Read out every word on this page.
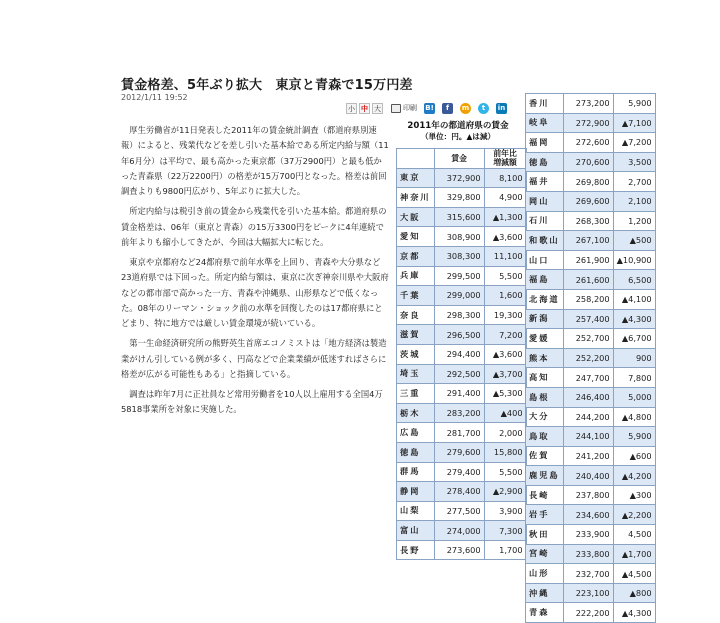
賃金格差、5年ぶり拡大　東京と青森で15万円差
2012/1/11 19:52
小 中 大	印刷 B!	f	m	t	in

厚生労働省が11日発表した2011年の賃金統計調査（都道府県別速報）によると、残業代などを差し引いた基本給である所定内給与額（11年6月分）は平均で、最も高かった東京都（37万2900円）と最も低かった青森県（22万2200円）の格差が15万700円となった。格差は前回調査よりも9800円広がり、5年ぶりに拡大した。

所定内給与は税引き前の賃金から残業代を引いた基本給。都道府県の賃金格差は、06年（東京と青森）の15万3300円をピークに4年連続で前年よりも縮小してきたが、今回は大幅拡大に転じた。

東京や京都府など24都府県で前年水準を上回り、青森や大分県など23道府県では下回った。所定内給与額は、東京に次ぎ神奈川県や大阪府などの都市部で高かった一方、青森や沖縄県、山形県などで低くなった。08年のリーマン・ショック前の水準を回復したのは17都府県にとどまり、特に地方では厳しい賃金環境が続いている。

第一生命経済研究所の熊野英生首席エコノミストは「地方経済は製造業がけん引している例が多く、円高などで企業業績が低迷すればさらに格差が広がる可能性もある」と指摘している。

調査は昨年7月に正社員など常用労働者を10人以上雇用する全国4万5818事業所を対象に実施した。

2011年の都道府県の賃金
（単位：円。▲は減）
	賃金	前年比
増減額
東京	372,900	8,100
神奈川	329,800	4,900
大阪	315,600	▲1,300
愛知	308,900	▲3,600
京都	308,300	11,100
兵庫	299,500	5,500
千葉	299,000	1,600
奈良	298,300	19,300
滋賀	296,500	7,200
茨城	294,400	▲3,600
埼玉	292,500	▲3,700
三重	291,400	▲5,300
栃木	283,200	▲400
広島	281,700	2,000
徳島	279,600	15,800
群馬	279,400	5,500
静岡	278,400	▲2,900
山梨	277,500	3,900
富山	274,000	7,300
長野	273,600	1,700
香川	273,200	5,900
岐阜	272,900	▲7,100
福岡	272,600	▲7,200
徳島	270,600	3,500
福井	269,800	2,700
岡山	269,600	2,100
石川	268,300	1,200
和歌山	267,100	▲500
山口	261,900	▲10,900
福島	261,600	6,500
北海道	258,200	▲4,100
新潟	257,400	▲4,300
愛媛	252,700	▲6,700
熊本	252,200	900
高知	247,700	7,800
島根	246,400	5,000
大分	244,200	▲4,800
鳥取	244,100	5,900
佐賀	241,200	▲600
鹿児島	240,400	▲4,200
長崎	237,800	▲300
岩手	234,600	▲2,200
秋田	233,900	4,500
宮崎	233,800	▲1,700
山形	232,700	▲4,500
沖縄	223,100	▲800
青森	222,200	▲4,300
